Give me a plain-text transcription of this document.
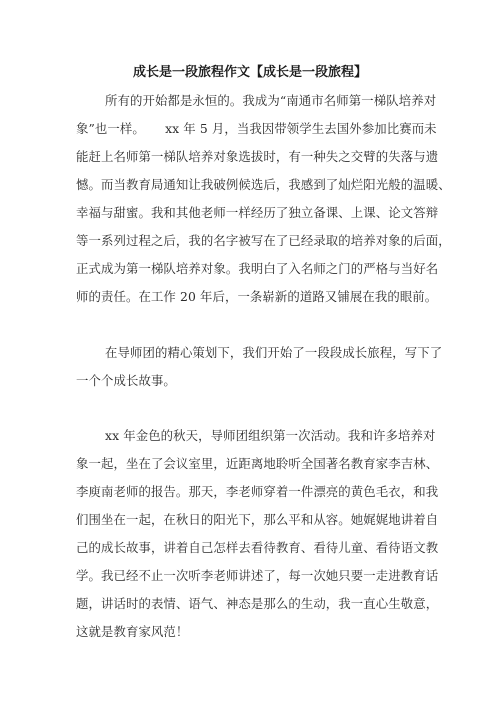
成长是一段旅程作文【成长是一段旅程】
所有的开始都是永恒的。我成为“南通市名师第一梯队培养对
象”也一样。     xx 年 5 月，当我因带领学生去国外参加比赛而未
能赶上名师第一梯队培养对象选拔时，有一种失之交臂的失落与遗
憾。而当教育局通知让我破例候选后，我感到了灿烂阳光般的温暖、
幸福与甜蜜。我和其他老师一样经历了独立备课、上课、论文答辩
等一系列过程之后，我的名字被写在了已经录取的培养对象的后面，
正式成为第一梯队培养对象。我明白了入名师之门的严格与当好名
师的责任。在工作 20 年后，一条崭新的道路又铺展在我的眼前。
在导师团的精心策划下，我们开始了一段段成长旅程，写下了
一个个成长故事。
xx 年金色的秋天，导师团组织第一次活动。我和许多培养对
象一起，坐在了会议室里，近距离地聆听全国著名教育家李吉林、
李庾南老师的报告。那天，李老师穿着一件漂亮的黄色毛衣，和我
们围坐在一起，在秋日的阳光下，那么平和从容。她娓娓地讲着自
己的成长故事，讲着自己怎样去看待教育、看待儿童、看待语文教
学。我已经不止一次听李老师讲述了，每一次她只要一走进教育话
题，讲话时的表情、语气、神态是那么的生动，我一直心生敬意，
这就是教育家风范！
